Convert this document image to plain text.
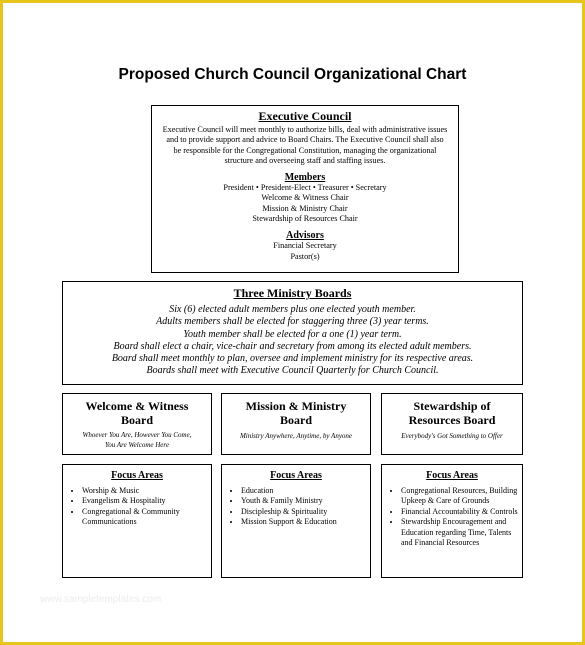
Proposed Church Council Organizational Chart
Executive Council
Executive Council will meet monthly to authorize bills, deal with administrative issues and to provide support and advice to Board Chairs. The Executive Council shall also be responsible for the Congregational Constitution, managing the organizational structure and overseeing staff and staffing issues.
Members
President • President-Elect • Treasurer • Secretary
Welcome & Witness Chair
Mission & Ministry Chair
Stewardship of Resources Chair
Advisors
Financial Secretary
Pastor(s)
Three Ministry Boards
Six (6) elected adult members plus one elected youth member.
Adults members shall be elected for staggering three (3) year terms.
Youth member shall be elected for a one (1) year term.
Board shall elect a chair, vice-chair and secretary from among its elected adult members.
Board shall meet monthly to plan, oversee and implement ministry for its respective areas.
Boards shall meet with Executive Council Quarterly for Church Council.
Welcome & Witness
Board
Whoever You Are, However You Come,
You Are Welcome Here
Mission & Ministry
Board
Ministry Anywhere, Anytime, by Anyone
Stewardship of
Resources Board
Everybody's Got Something to Offer
Focus Areas
• Worship & Music
• Evangelism & Hospitality
• Congregational & Community Communications
Focus Areas
• Education
• Youth & Family Ministry
• Discipleship & Spirituality
• Mission Support & Education
Focus Areas
• Congregational Resources, Building Upkeep & Care of Grounds
• Financial Accountability & Controls
• Stewardship Encouragement and Education regarding Time, Talents and Financial Resources
www.sampletemplates.com
